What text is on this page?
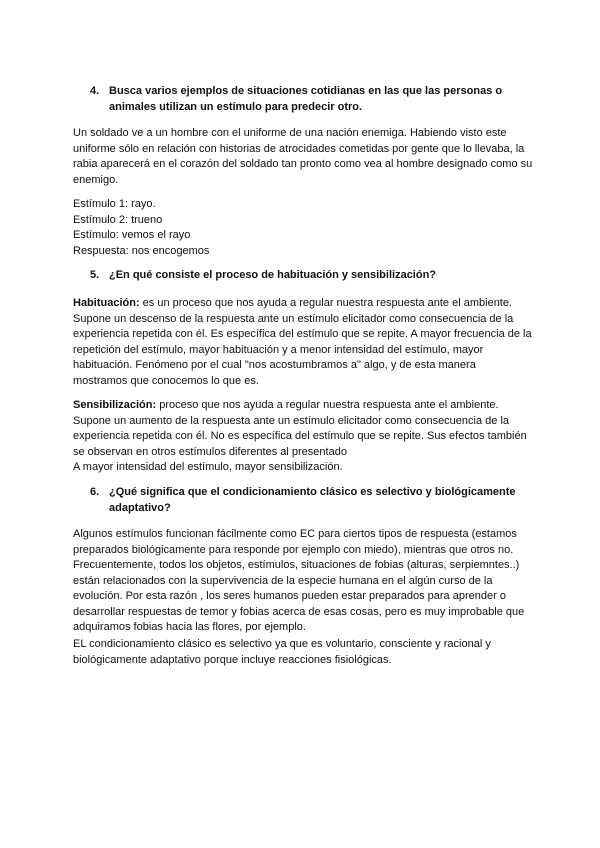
4. Busca varios ejemplos de situaciones cotidianas en las que las personas o animales utilizan un estímulo para predecir otro.

Un soldado ve a un hombre con el uniforme de una nación enemiga. Habiendo visto este uniforme sólo en relación con historias de atrocidades cometidas por gente que lo llevaba, la rabia aparecerá en el corazón del soldado tan pronto como vea al hombre designado como su enemigo.

Estímulo 1: rayo.
Estímulo 2: trueno
Estímulo: vemos el rayo
Respuesta: nos encogemos
5. ¿En qué consiste el proceso de habituación y sensibilización?

Habituación: es un proceso que nos ayuda a regular nuestra respuesta ante el ambiente. Supone un descenso de la respuesta ante un estímulo elicitador como consecuencia de la experiencia repetida con él. Es específica del estímulo que se repite. A mayor frecuencia de la repetición del estímulo, mayor habituación y a menor intensidad del estímulo, mayor habituación. Fenómeno por el cual "nos acostumbramos a" algo, y de esta manera mostramos que conocemos lo que es.

Sensibilización: proceso que nos ayuda a regular nuestra respuesta ante el ambiente. Supone un aumento de la respuesta ante un estímulo elicitador como consecuencia de la experiencia repetida con él. No es específica del estímulo que se repite. Sus efectos también se observan en otros estímulos diferentes al presentado

A mayor intensidad del estímulo, mayor sensibilización.
6. ¿Qué significa que el condicionamiento clásico es selectivo y biológicamente adaptativo?

Algunos estímulos funcionan fácilmente como EC para ciertos tipos de respuesta (estamos preparados biológicamente para responde por ejemplo con miedo), mientras que otros no. Frecuentemente, todos los objetos, estímulos, situaciones de fobias (alturas, serpiemntes..) están relacionados con la supervivencia de la especie humana en el algún curso de la evolución. Por esta razón , los seres humanos pueden estar preparados para aprender o desarrollar respuestas de temor y fobias acerca de esas cosas, pero es muy improbable que adquiramos fobias hacia las flores, por ejemplo.

EL condicionamiento clásico es selectivo ya que es voluntario, consciente y racional y biológicamente adaptativo porque incluye reacciones fisiológicas.
